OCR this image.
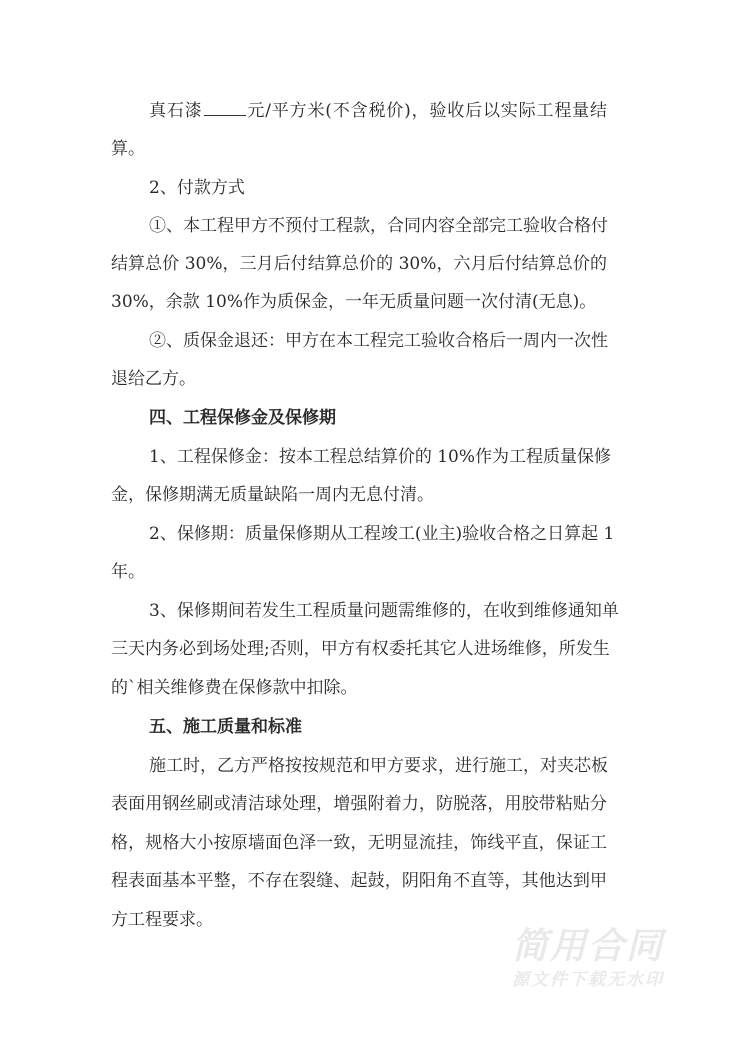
真石漆	元/平方米(不含税价)，验收后以实际工程量结
算。
2、付款方式
①、本工程甲方不预付工程款，合同内容全部完工验收合格付
结算总价 30%，三月后付结算总价的 30%，六月后付结算总价的
30%，余款 10%作为质保金，一年无质量问题一次付清(无息)。
②、质保金退还：甲方在本工程完工验收合格后一周内一次性
退给乙方。
四、工程保修金及保修期
1、工程保修金：按本工程总结算价的 10%作为工程质量保修
金，保修期满无质量缺陷一周内无息付清。
2、保修期：质量保修期从工程竣工(业主)验收合格之日算起 1
年。
3、保修期间若发生工程质量问题需维修的，在收到维修通知单
三天内务必到场处理;否则，甲方有权委托其它人进场维修，所发生
的`相关维修费在保修款中扣除。
五、施工质量和标准
施工时，乙方严格按按规范和甲方要求，进行施工，对夹芯板
表面用钢丝刷或清洁球处理，增强附着力，防脱落，用胶带粘贴分
格，规格大小按原墙面色泽一致，无明显流挂，饰线平直，保证工
程表面基本平整，不存在裂缝、起鼓，阴阳角不直等，其他达到甲
方工程要求。
简用合同
源文件下载无水印
